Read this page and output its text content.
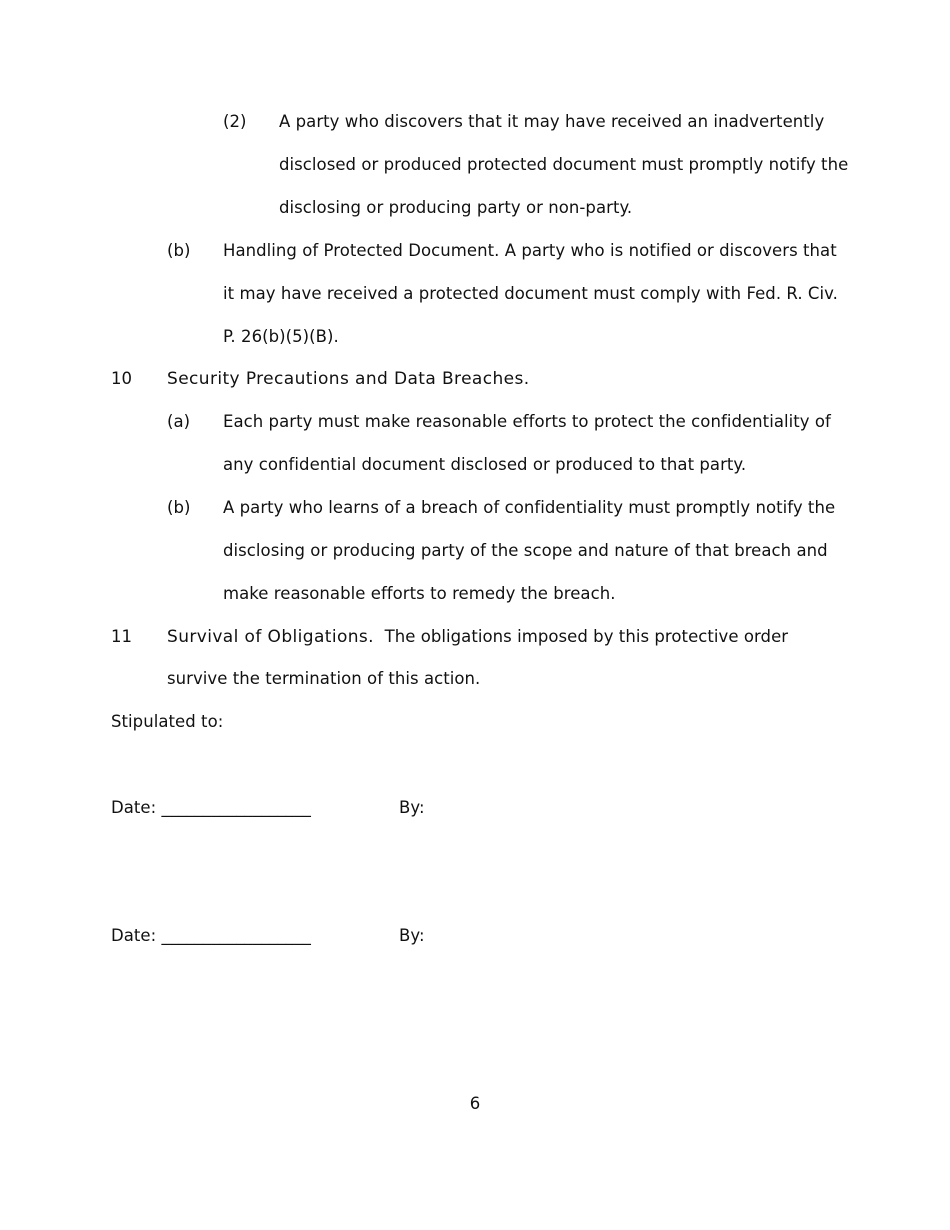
(2) A party who discovers that it may have received an inadvertently
disclosed or produced protected document must promptly notify the
disclosing or producing party or non-party.
(b) Handling of Protected Document. A party who is notified or discovers that
it may have received a protected document must comply with Fed. R. Civ.
P. 26(b)(5)(B).
10 Security Precautions and Data Breaches.
(a) Each party must make reasonable efforts to protect the confidentiality of
any confidential document disclosed or produced to that party.
(b) A party who learns of a breach of confidentiality must promptly notify the
disclosing or producing party of the scope and nature of that breach and
make reasonable efforts to remedy the breach.
11 Survival of Obligations. The obligations imposed by this protective order
survive the termination of this action.
Stipulated to:
Date: __________________	By:
Date: __________________	By:
6
